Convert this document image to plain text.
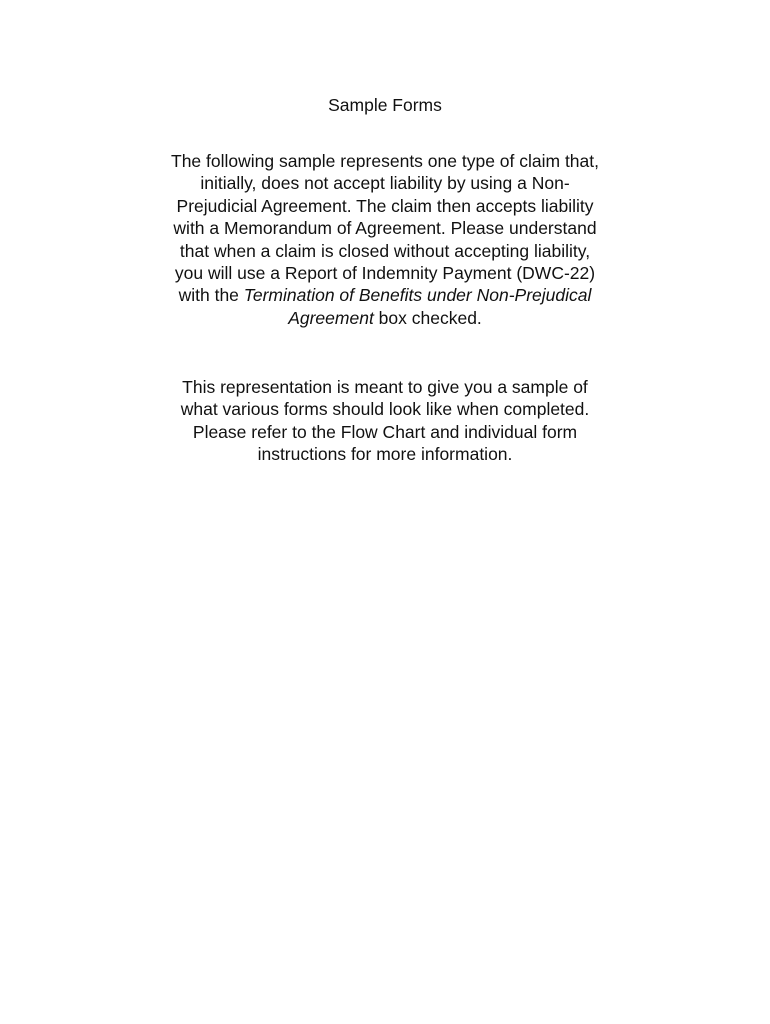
Sample Forms
The following sample represents one type of claim that,
initially, does not accept liability by using a Non-
Prejudicial Agreement. The claim then accepts liability
with a Memorandum of Agreement. Please understand
that when a claim is closed without accepting liability,
you will use a Report of Indemnity Payment (DWC-22)
with the Termination of Benefits under Non-Prejudical
Agreement box checked.
This representation is meant to give you a sample of
what various forms should look like when completed.
Please refer to the Flow Chart and individual form
instructions for more information.
